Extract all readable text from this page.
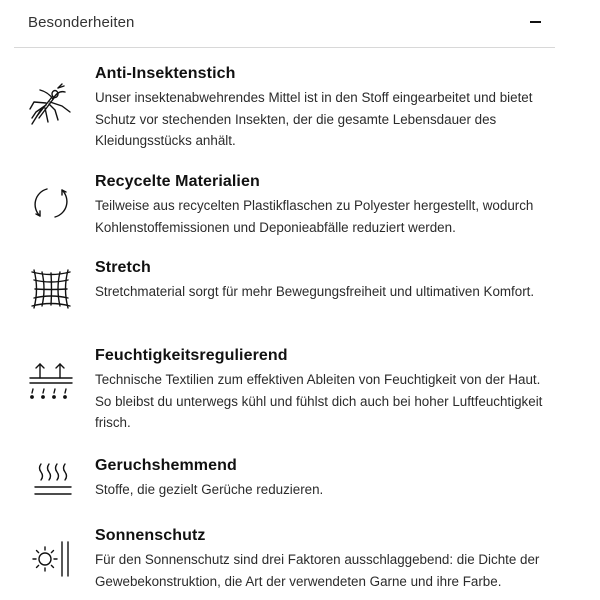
Besonderheiten
Anti-Insektenstich
Unser insektenabwehrendes Mittel ist in den Stoff eingearbeitet und bietet Schutz vor stechenden Insekten, der die gesamte Lebensdauer des Kleidungsstücks anhält.
Recycelte Materialien
Teilweise aus recycelten Plastikflaschen zu Polyester hergestellt, wodurch Kohlenstoffemissionen und Deponieabfälle reduziert werden.
Stretch
Stretchmaterial sorgt für mehr Bewegungsfreiheit und ultimativen Komfort.
Feuchtigkeitsregulierend
Technische Textilien zum effektiven Ableiten von Feuchtigkeit von der Haut. So bleibst du unterwegs kühl und fühlst dich auch bei hoher Luftfeuchtigkeit frisch.
Geruchshemmend
Stoffe, die gezielt Gerüche reduzieren.
Sonnenschutz
Für den Sonnenschutz sind drei Faktoren ausschlaggebend: die Dichte der Gewebekonstruktion, die Art der verwendeten Garne und ihre Farbe.
